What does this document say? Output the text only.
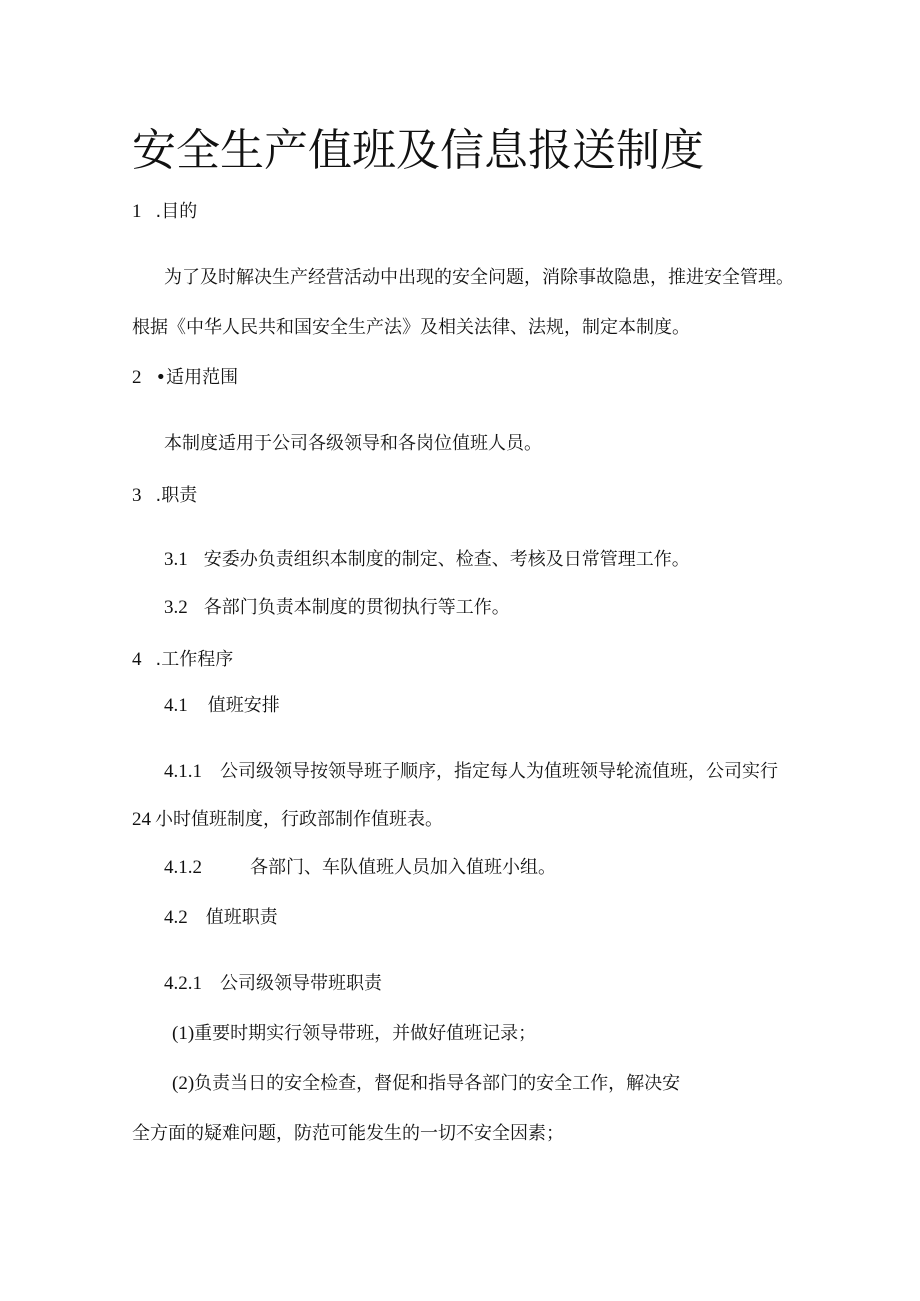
安全生产值班及信息报送制度
1 .目的
为了及时解决生产经营活动中出现的安全问题，消除事故隐患，推进安全管理。
根据《中华人民共和国安全生产法》及相关法律、法规，制定本制度。
2 •适用范围
本制度适用于公司各级领导和各岗位值班人员。
3 .职责
3.1 安委办负责组织本制度的制定、检查、考核及日常管理工作。
3.2 各部门负责本制度的贯彻执行等工作。
4 .工作程序
4.1 值班安排
4.1.1 公司级领导按领导班子顺序，指定每人为值班领导轮流值班，公司实行
24 小时值班制度，行政部制作值班表。
4.1.2	各部门、车队值班人员加入值班小组。
4.2 值班职责
4.2.1 公司级领导带班职责
(1)重要时期实行领导带班，并做好值班记录；
(2)负责当日的安全检查，督促和指导各部门的安全工作，解决安
全方面的疑难问题，防范可能发生的一切不安全因素；
